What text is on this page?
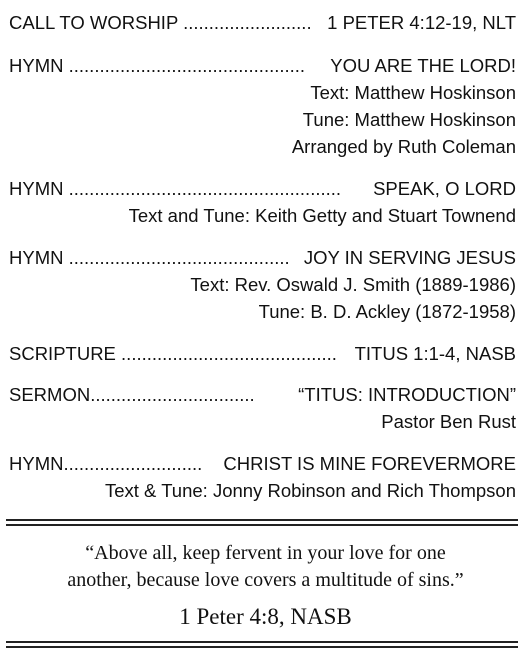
CALL TO WORSHIP ......................... 1 PETER 4:12-19, NLT
HYMN .............................................. YOU ARE THE LORD!
Text: Matthew Hoskinson
Tune: Matthew Hoskinson
Arranged by Ruth Coleman
HYMN ..................................................... SPEAK, O LORD
Text and Tune: Keith Getty and Stuart Townend
HYMN ........................................... JOY IN SERVING JESUS
Text: Rev. Oswald J. Smith (1889-1986)
Tune: B. D. Ackley (1872-1958)
SCRIPTURE .......................................... TITUS 1:1-4, NASB
SERMON................................ “TITUS: INTRODUCTION”
Pastor Ben Rust
HYMN........................... CHRIST IS MINE FOREVERMORE
Text & Tune: Jonny Robinson and Rich Thompson
“Above all, keep fervent in your love for one
another, because love covers a multitude of sins.”
1 Peter 4:8, NASB
